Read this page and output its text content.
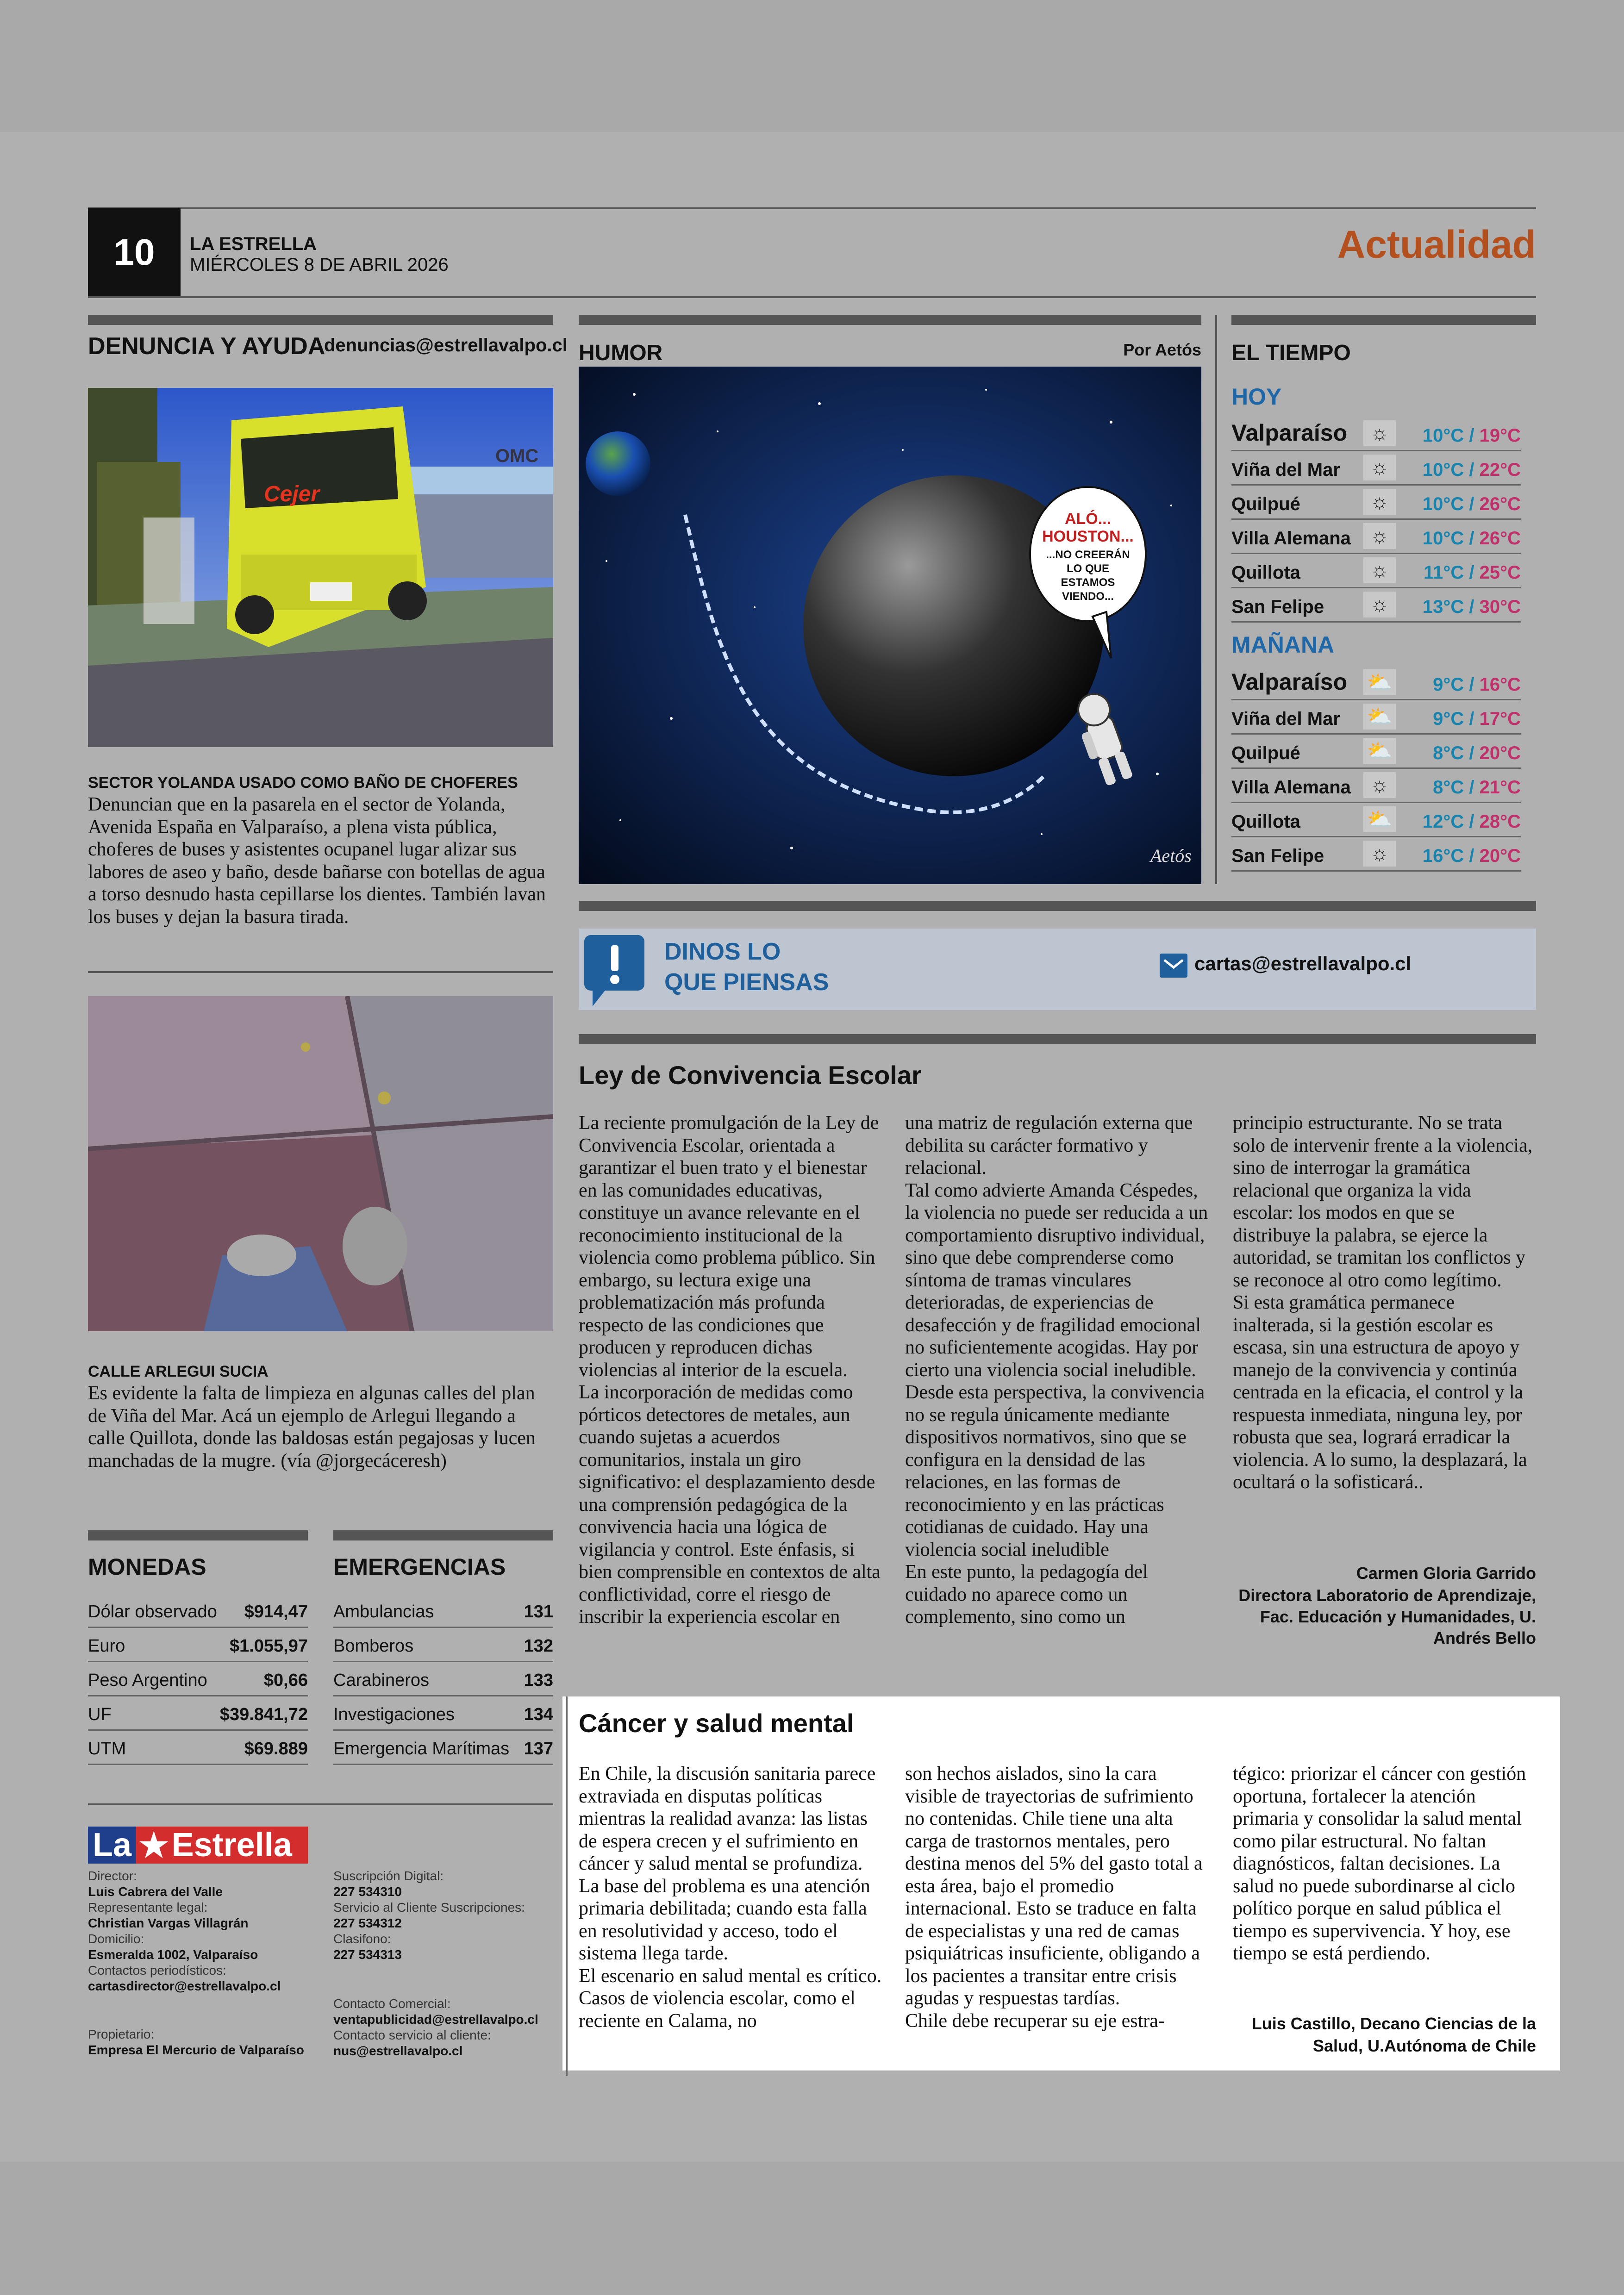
10	LA ESTRELLA
MIÉRCOLES 8 DE ABRIL 2026	Actualidad
DENUNCIA Y AYUDA
denuncias@estrellavalpo.cl
Cejer
OMC
SECTOR YOLANDA USADO COMO BAÑO DE CHOFERES
Denuncian que en la pasarela en el sector de Yolanda, Avenida España en Valparaíso, a plena vista pública, choferes de buses y asistentes ocupanel lugar alizar sus labores de aseo y baño, desde bañarse con botellas de agua a torso desnudo hasta cepillarse los dientes. También lavan los buses y dejan la basura tirada.
CALLE ARLEGUI SUCIA
Es evidente la falta de limpieza en algunas calles del plan de Viña del Mar. Acá un ejemplo de Arlegui llegando a calle Quillota, donde las baldosas están pegajosas y lucen manchadas de la mugre. (vía @jorgecáceresh)
HUMOR	Por Aetós
ALÓ...
HOUSTON...
...NO CREERÁN
LO QUE
ESTAMOS
VIENDO...
Aetós
EL TIEMPO
HOY
Valparaíso	☼	10°C / 19°C
Viña del Mar	☼	10°C / 22°C
Quilpué	☼	10°C / 26°C
Villa Alemana ☼	10°C / 26°C
Quillota	☼	11°C / 25°C
San Felipe	☼	13°C / 30°C
MAÑANA
Valparaíso ⛅ 9°C / 16°C
Viña del Mar ⛅ 9°C / 17°C
Quilpué	⛅ 8°C / 20°C
Villa Alemana ☼	8°C / 21°C
Quillota	⛅ 12°C / 28°C
San Felipe	☼	16°C / 20°C
DINOS LO
QUE PIENSAS
cartas@estrellavalpo.cl
Ley de Convivencia Escolar

La reciente promulgación de la Ley de Convivencia Escolar, orientada a garantizar el buen trato y el bienestar en las comunidades educativas, constituye un avance relevante en el reconocimiento institucional de la violencia como problema público. Sin embargo, su lectura exige una problematización más profunda respecto de las condiciones que producen y reproducen dichas violencias al interior de la escuela.

La incorporación de medidas como pórticos detectores de metales, aun cuando sujetas a acuerdos comunitarios, instala un giro significativo: el desplazamiento desde una comprensión pedagógica de la convivencia hacia una lógica de vigilancia y control. Este énfasis, si bien comprensible en contextos de alta conflictividad, corre el riesgo de inscribir la experiencia escolar en

una matriz de regulación externa que debilita su carácter formativo y relacional.

Tal como advierte Amanda Céspedes, la violencia no puede ser reducida a un comportamiento disruptivo individual, sino que debe comprenderse como síntoma de tramas vinculares deterioradas, de experiencias de desafección y de fragilidad emocional no suficientemente acogidas. Hay por cierto una violencia social ineludible. Desde esta perspectiva, la convivencia no se regula únicamente mediante dispositivos normativos, sino que se configura en la densidad de las relaciones, en las formas de reconocimiento y en las prácticas cotidianas de cuidado. Hay una violencia social ineludible

En este punto, la pedagogía del cuidado no aparece como un complemento, sino como un

principio estructurante. No se trata solo de intervenir frente a la violencia, sino de interrogar la gramática relacional que organiza la vida escolar: los modos en que se distribuye la palabra, se ejerce la autoridad, se tramitan los conflictos y se reconoce al otro como legítimo.

Si esta gramática permanece inalterada, si la gestión escolar es escasa, sin una estructura de apoyo y manejo de la convivencia y continúa centrada en la eficacia, el control y la respuesta inmediata, ninguna ley, por robusta que sea, logrará erradicar la violencia. A lo sumo, la desplazará, la ocultará o la sofisticará..

Carmen Gloria Garrido
Directora Laboratorio de Aprendizaje, Fac. Educación y Humanidades, U. Andrés Bello
Cáncer y salud mental

En Chile, la discusión sanitaria parece extraviada en disputas políticas mientras la realidad avanza: las listas de espera crecen y el sufrimiento en cáncer y salud mental se profundiza. La base del problema es una atención primaria debilitada; cuando esta falla en resolutividad y acceso, todo el sistema llega tarde.

El escenario en salud mental es crítico. Casos de violencia escolar, como el reciente en Calama, no

son hechos aislados, sino la cara visible de trayectorias de sufrimiento no contenidas. Chile tiene una alta carga de trastornos mentales, pero destina menos del 5% del gasto total a esta área, bajo el promedio internacional. Esto se traduce en falta de especialistas y una red de camas psiquiátricas insuficiente, obligando a los pacientes a transitar entre crisis agudas y respuestas tardías.

Chile debe recuperar su eje estra-

tégico: priorizar el cáncer con gestión oportuna, fortalecer la atención primaria y consolidar la salud mental como pilar estructural. No faltan diagnósticos, faltan decisiones. La salud no puede subordinarse al ciclo político porque en salud pública el tiempo es supervivencia. Y hoy, ese tiempo se está perdiendo.

Luis Castillo, Decano Ciencias de la Salud, U.Autónoma de Chile
MONEDAS
Dólar observado $914,47
Euro	$1.055,97
Peso Argentino	$0,66
UF	$39.841,72
UTM	$69.889
EMERGENCIAS
Ambulancias	131
Bomberos	132
Carabineros	133
Investigaciones	134
Emergencia Marítimas 137
La ★ Estrella
Director:
Luis Cabrera del Valle
Representante legal:
Christian Vargas Villagrán
Domicilio:
Esmeralda 1002, Valparaíso
Contactos periodísticos:
cartasdirector@estrellavalpo.cl
Propietario:
Empresa El Mercurio de Valparaíso
Suscripción Digital:
227 534310
Servicio al Cliente Suscripciones:
227 534312
Clasifono:
227 534313
Contacto Comercial:
ventapublicidad@estrellavalpo.cl
Contacto servicio al cliente:
nus@estrellavalpo.cl
